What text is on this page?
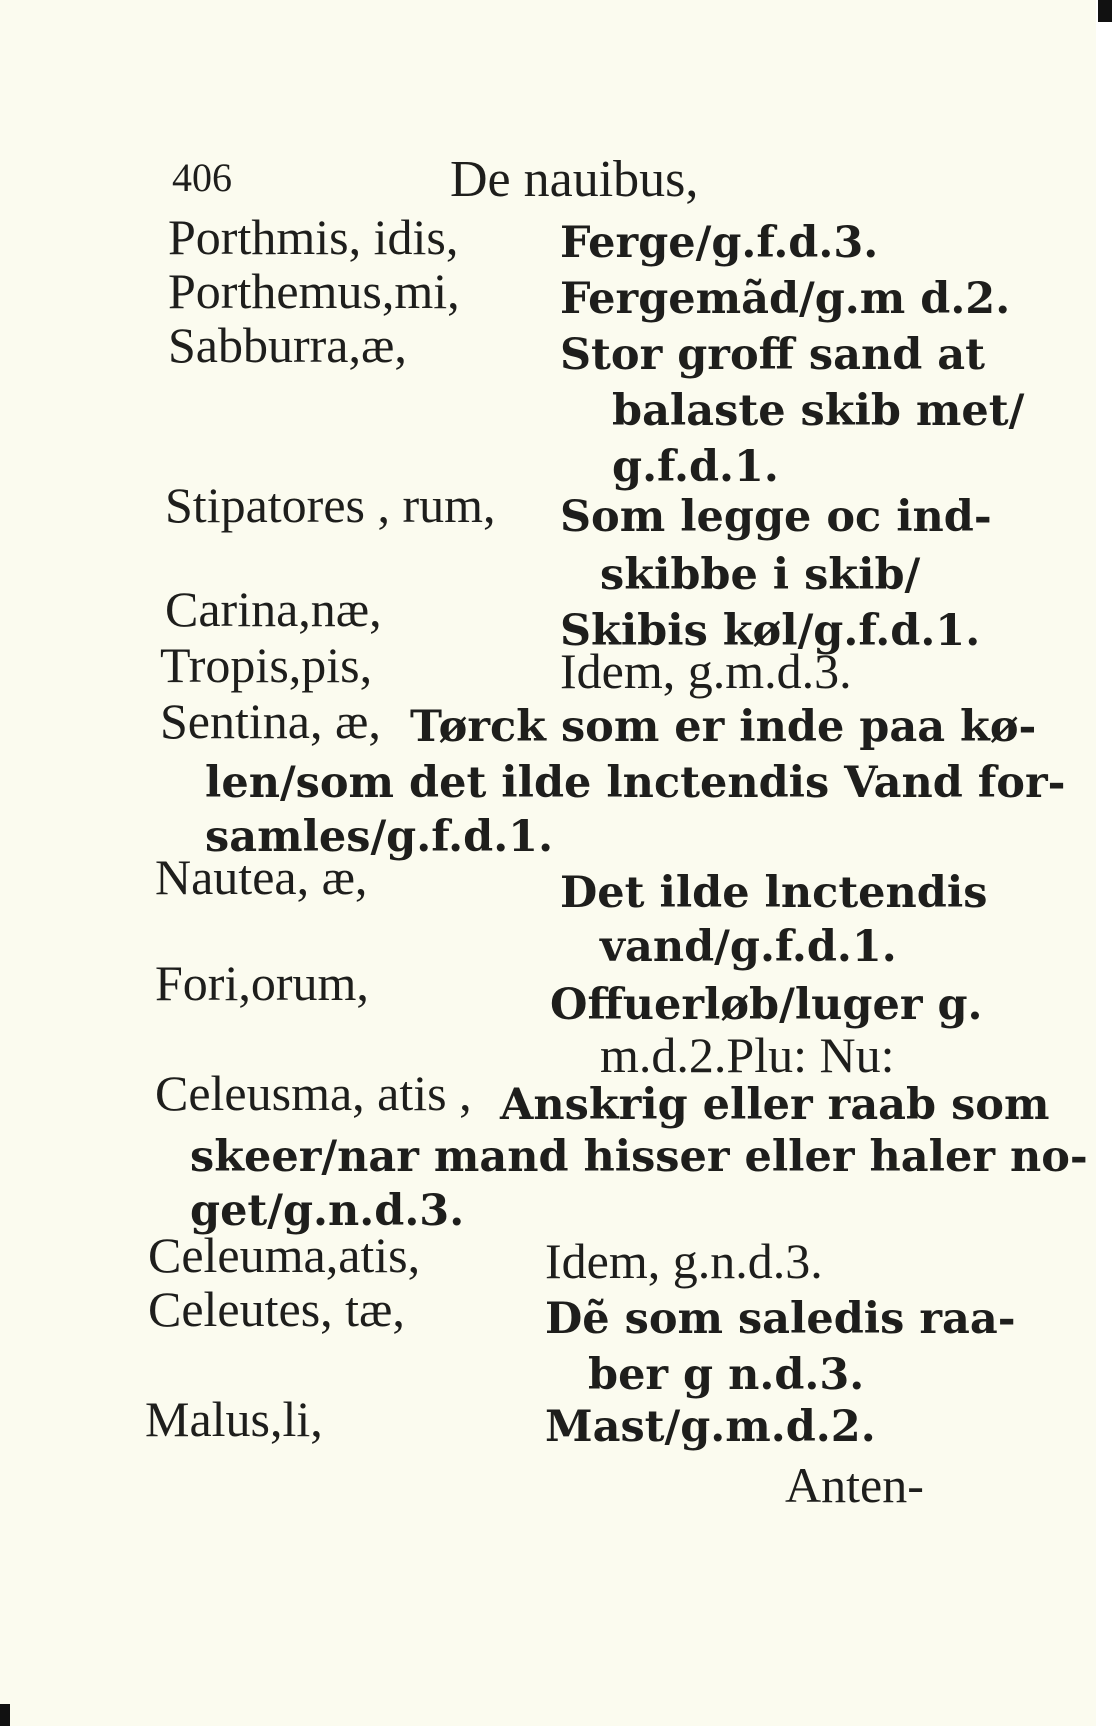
406	De nauibus,
Porthmis, idis, Ferge/g.f.d.3.
Porthemus,mi, Fergemãd/g.m d.2.
Sabburra,æ,	Stor groff sand at
balaste skib met/
g.f.d.1.
Stipatores , rum, Som legge oc ind-
skibbe i skib/
Carina,næ,	Skibis køl/g.f.d.1.
Tropis,pis,	Idem, g.m.d.3.
Sentina, æ, Tørck som er inde paa kø-
len/som det ilde lnctendis Vand for-
samles/g.f.d.1.
Nautea, æ,	Det ilde lnctendis
vand/g.f.d.1.
Fori,orum,	Offuerløb/luger g.
m.d.2.Plu: Nu:
Celeusma, atis , Anskrig eller raab som
skeer/nar mand hisser eller haler no-
get/g.n.d.3.
Celeuma,atis, Idem, g.n.d.3.
Celeutes, tæ,	Dẽ som saledis raa-
ber g n.d.3.
Malus,li,	Mast/g.m.d.2.
Anten-
